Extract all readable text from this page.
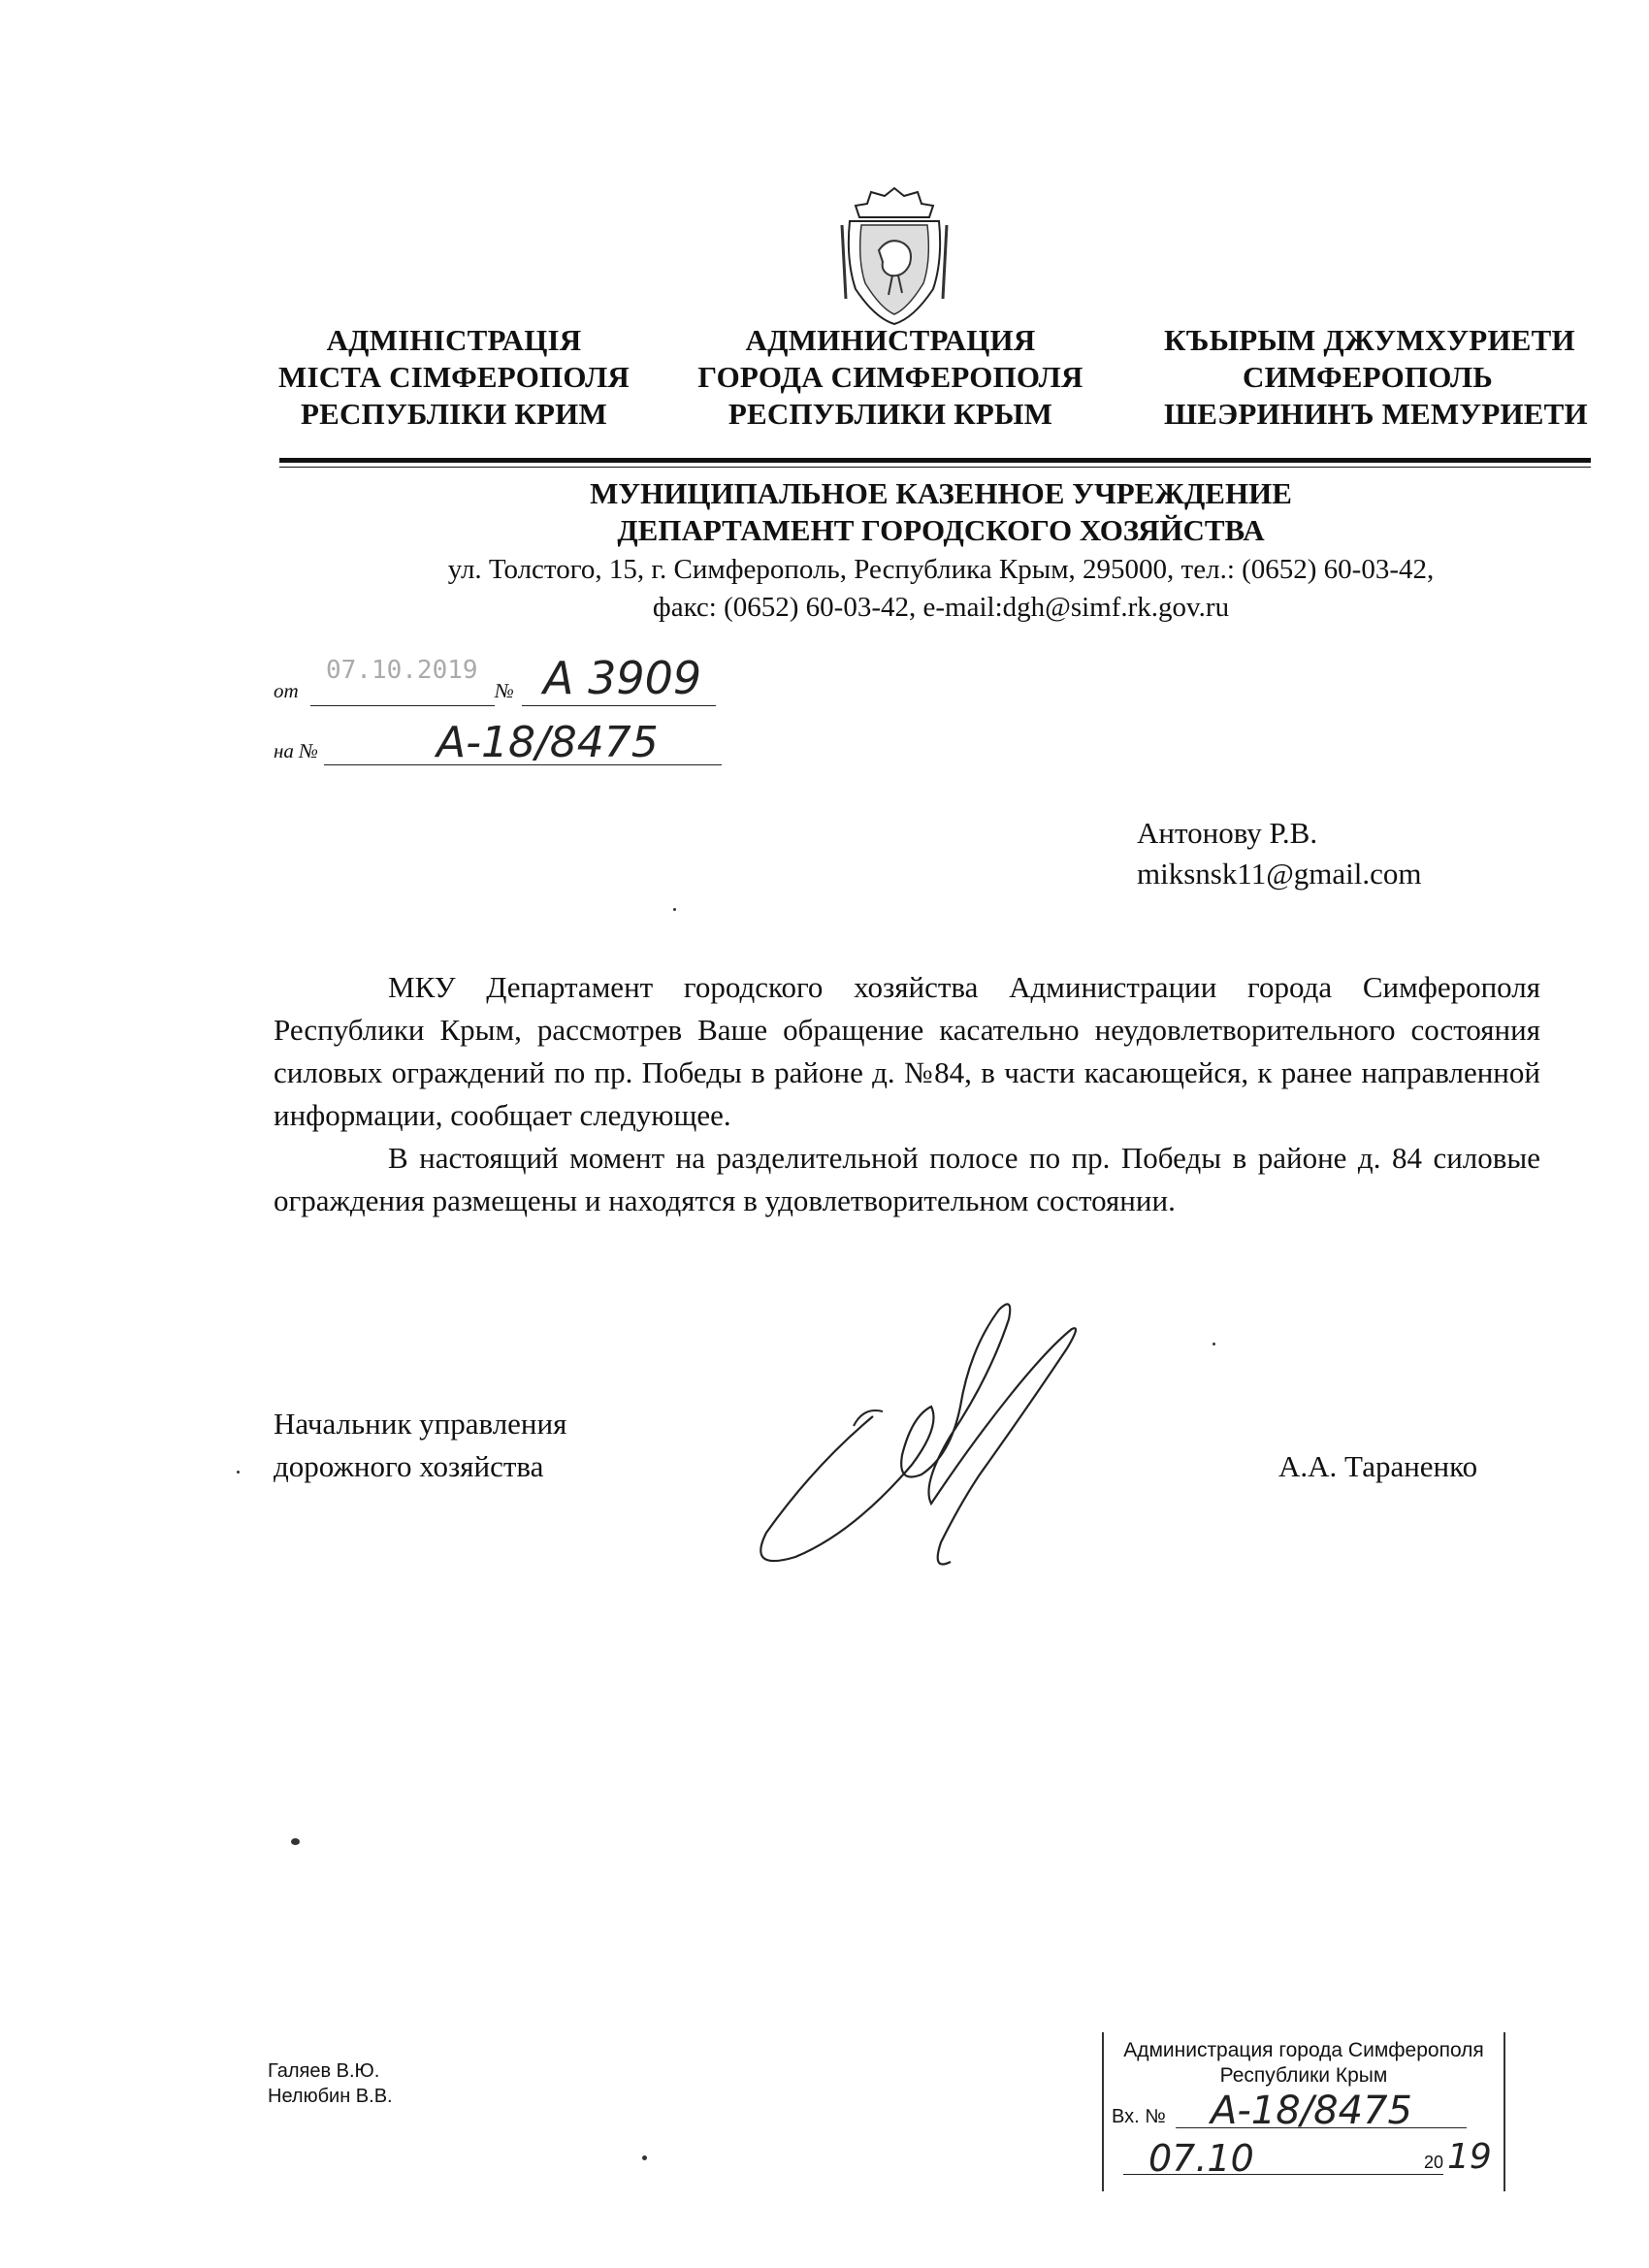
АДМІНІСТРАЦІЯ
МІСТА СІМФЕРОПОЛЯ
РЕСПУБЛІКИ КРИМ
АДМИНИСТРАЦИЯ
ГОРОДА СИМФЕРОПОЛЯ
РЕСПУБЛИКИ КРЫМ
КЪЫРЫМ ДЖУМХУРИЕТИ
СИМФЕРОПОЛЬ
ШЕЭРИНИНЪ МЕМУРИЕТИ
МУНИЦИПАЛЬНОЕ КАЗЕННОЕ УЧРЕЖДЕНИЕ
ДЕПАРТАМЕНТ ГОРОДСКОГО ХОЗЯЙСТВА
ул. Толстого, 15, г. Симферополь, Республика Крым, 295000, тел.: (0652) 60-03-42,
факс: (0652) 60-03-42, e-mail:dgh@simf.rk.gov.ru
от
07.10.2019
№ А 3909
на №	А-18/8475
Антонову Р.В.
miksnsk11@gmail.com

МКУ Департамент городского хозяйства Администрации города Симферополя Республики Крым, рассмотрев Ваше обращение касательно неудовлетворительного состояния силовых ограждений по пр. Победы в районе д. №84, в части касающейся, к ранее направленной информации, сообщает следующее.

В настоящий момент на разделительной полосе по пр. Победы в районе д. 84 силовые ограждения размещены и находятся в удовлетворительном состоянии.

Начальник управления
дорожного хозяйства	А.А. Тараненко
Галяев В.Ю.
Нелюбин В.В.
Администрация города Симферополя
Республики Крым
Вх. № А-18/8475
07.10	20 19
